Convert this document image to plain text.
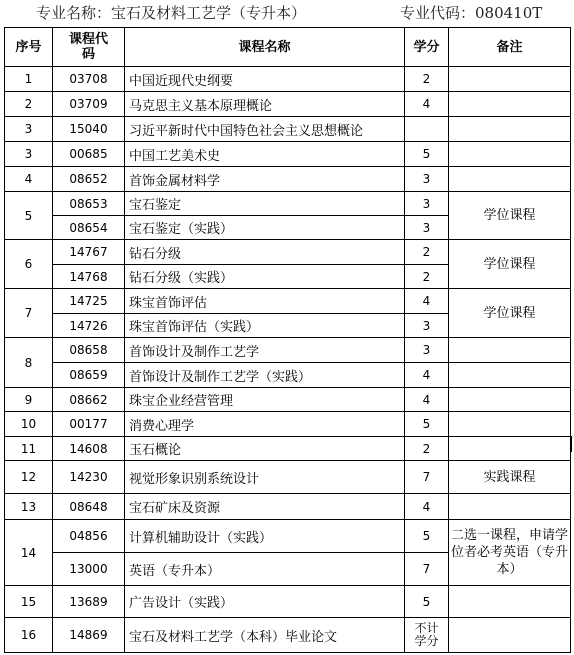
专业名称：宝石及材料工艺学（专升本）	专业代码：080410T
序号	课程代码	课程名称	学分	备注
1	03708	中国近现代史纲要	2	
2	03709	马克思主义基本原理概论	4	
3	15040	习近平新时代中国特色社会主义思想概论		
3	00685	中国工艺美术史	5	
4	08652	首饰金属材料学	3	
5	08653	宝石鉴定	3	学位课程
	08654	宝石鉴定（实践）	3	
6	14767	钻石分级	2	学位课程
	14768	钻石分级（实践）	2	
7	14725	珠宝首饰评估	4	学位课程
	14726	珠宝首饰评估（实践）	3	
8	08658	首饰设计及制作工艺学	3	
	08659	首饰设计及制作工艺学（实践）	4	
9	08662	珠宝企业经营管理	4	
10	00177	消费心理学	5	
11	14608	玉石概论	2	
12	14230	视觉形象识别系统设计	7	实践课程
13	08648	宝石矿床及资源	4	
14	04856	计算机辅助设计（实践）	5	二选一课程，申请学位者必考英语（专升本）
	13000	英语（专升本）	7	
15	13689	广告设计（实践）	5	
16	14869	宝石及材料工艺学（本科）毕业论文	不计学分	
